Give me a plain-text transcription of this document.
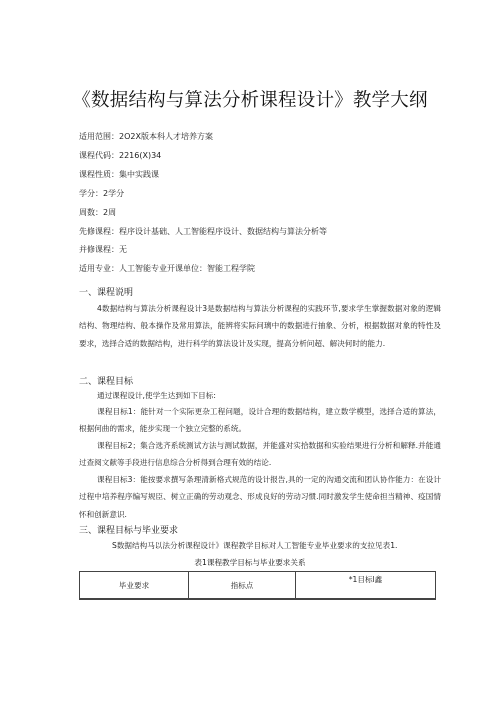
《数据结构与算法分析课程设计》教学大纲
适用范围：2O2X版本科人才培养方案
课程代码：2216(X)34
课程性质：集中实践课
学分：2学分
周数：2周
先修课程：程序设计基础、人工智能程序设计、数据结构与算法分析等
并修课程：无
适用专业：人工智能专业开课单位：智能工程学院
一、课程说明
4数据结构与算法分析课程设计3是数据结构与算法分析课程的实践环节,要求学生掌握数据对象的逻辑结构、物理结构、般本操作及常用算法，能辨将实际问璃中的数据进行抽象、分析，根据数据对象的特性及要求，选择合适的数据结构，进行科学的算法设计及实现，提高分析问超、解决何时的能力.
二、课程目标
通过课程设计,使学生达到如下目标:
课程目标1：能针对一个实际更杂工程问题，设计合理的数据结构，建立数学模型，选择合适的算法，根据何曲的需求，能步实现一个独立完整的系统。
课程目标2；集合选齐系统测试方法与测试数据，并能盛对实拾数据和实验结果进行分析和解释.并能通过查阅文献等手段进行信息综合分析得到合理有效的结论.
课程目标3：能按要求撰写条理清新格式规范的设计报告,具的一定的沟通交流和团认协作能力：在设计过程中培养程序编写规臣、树立正确的劳动观念、形成良好的劳动习惯.同时激发学生使命担当精神、疫国情怀和创新意识.
三、课程目标与毕业要求
S数据结构马以法分析课程设计》课程教学目标对人工智能专业毕业要求的支拉见表1.
表1课程教学目标与毕业要求关系
毕业要求	指标点	*1目标l鑫
